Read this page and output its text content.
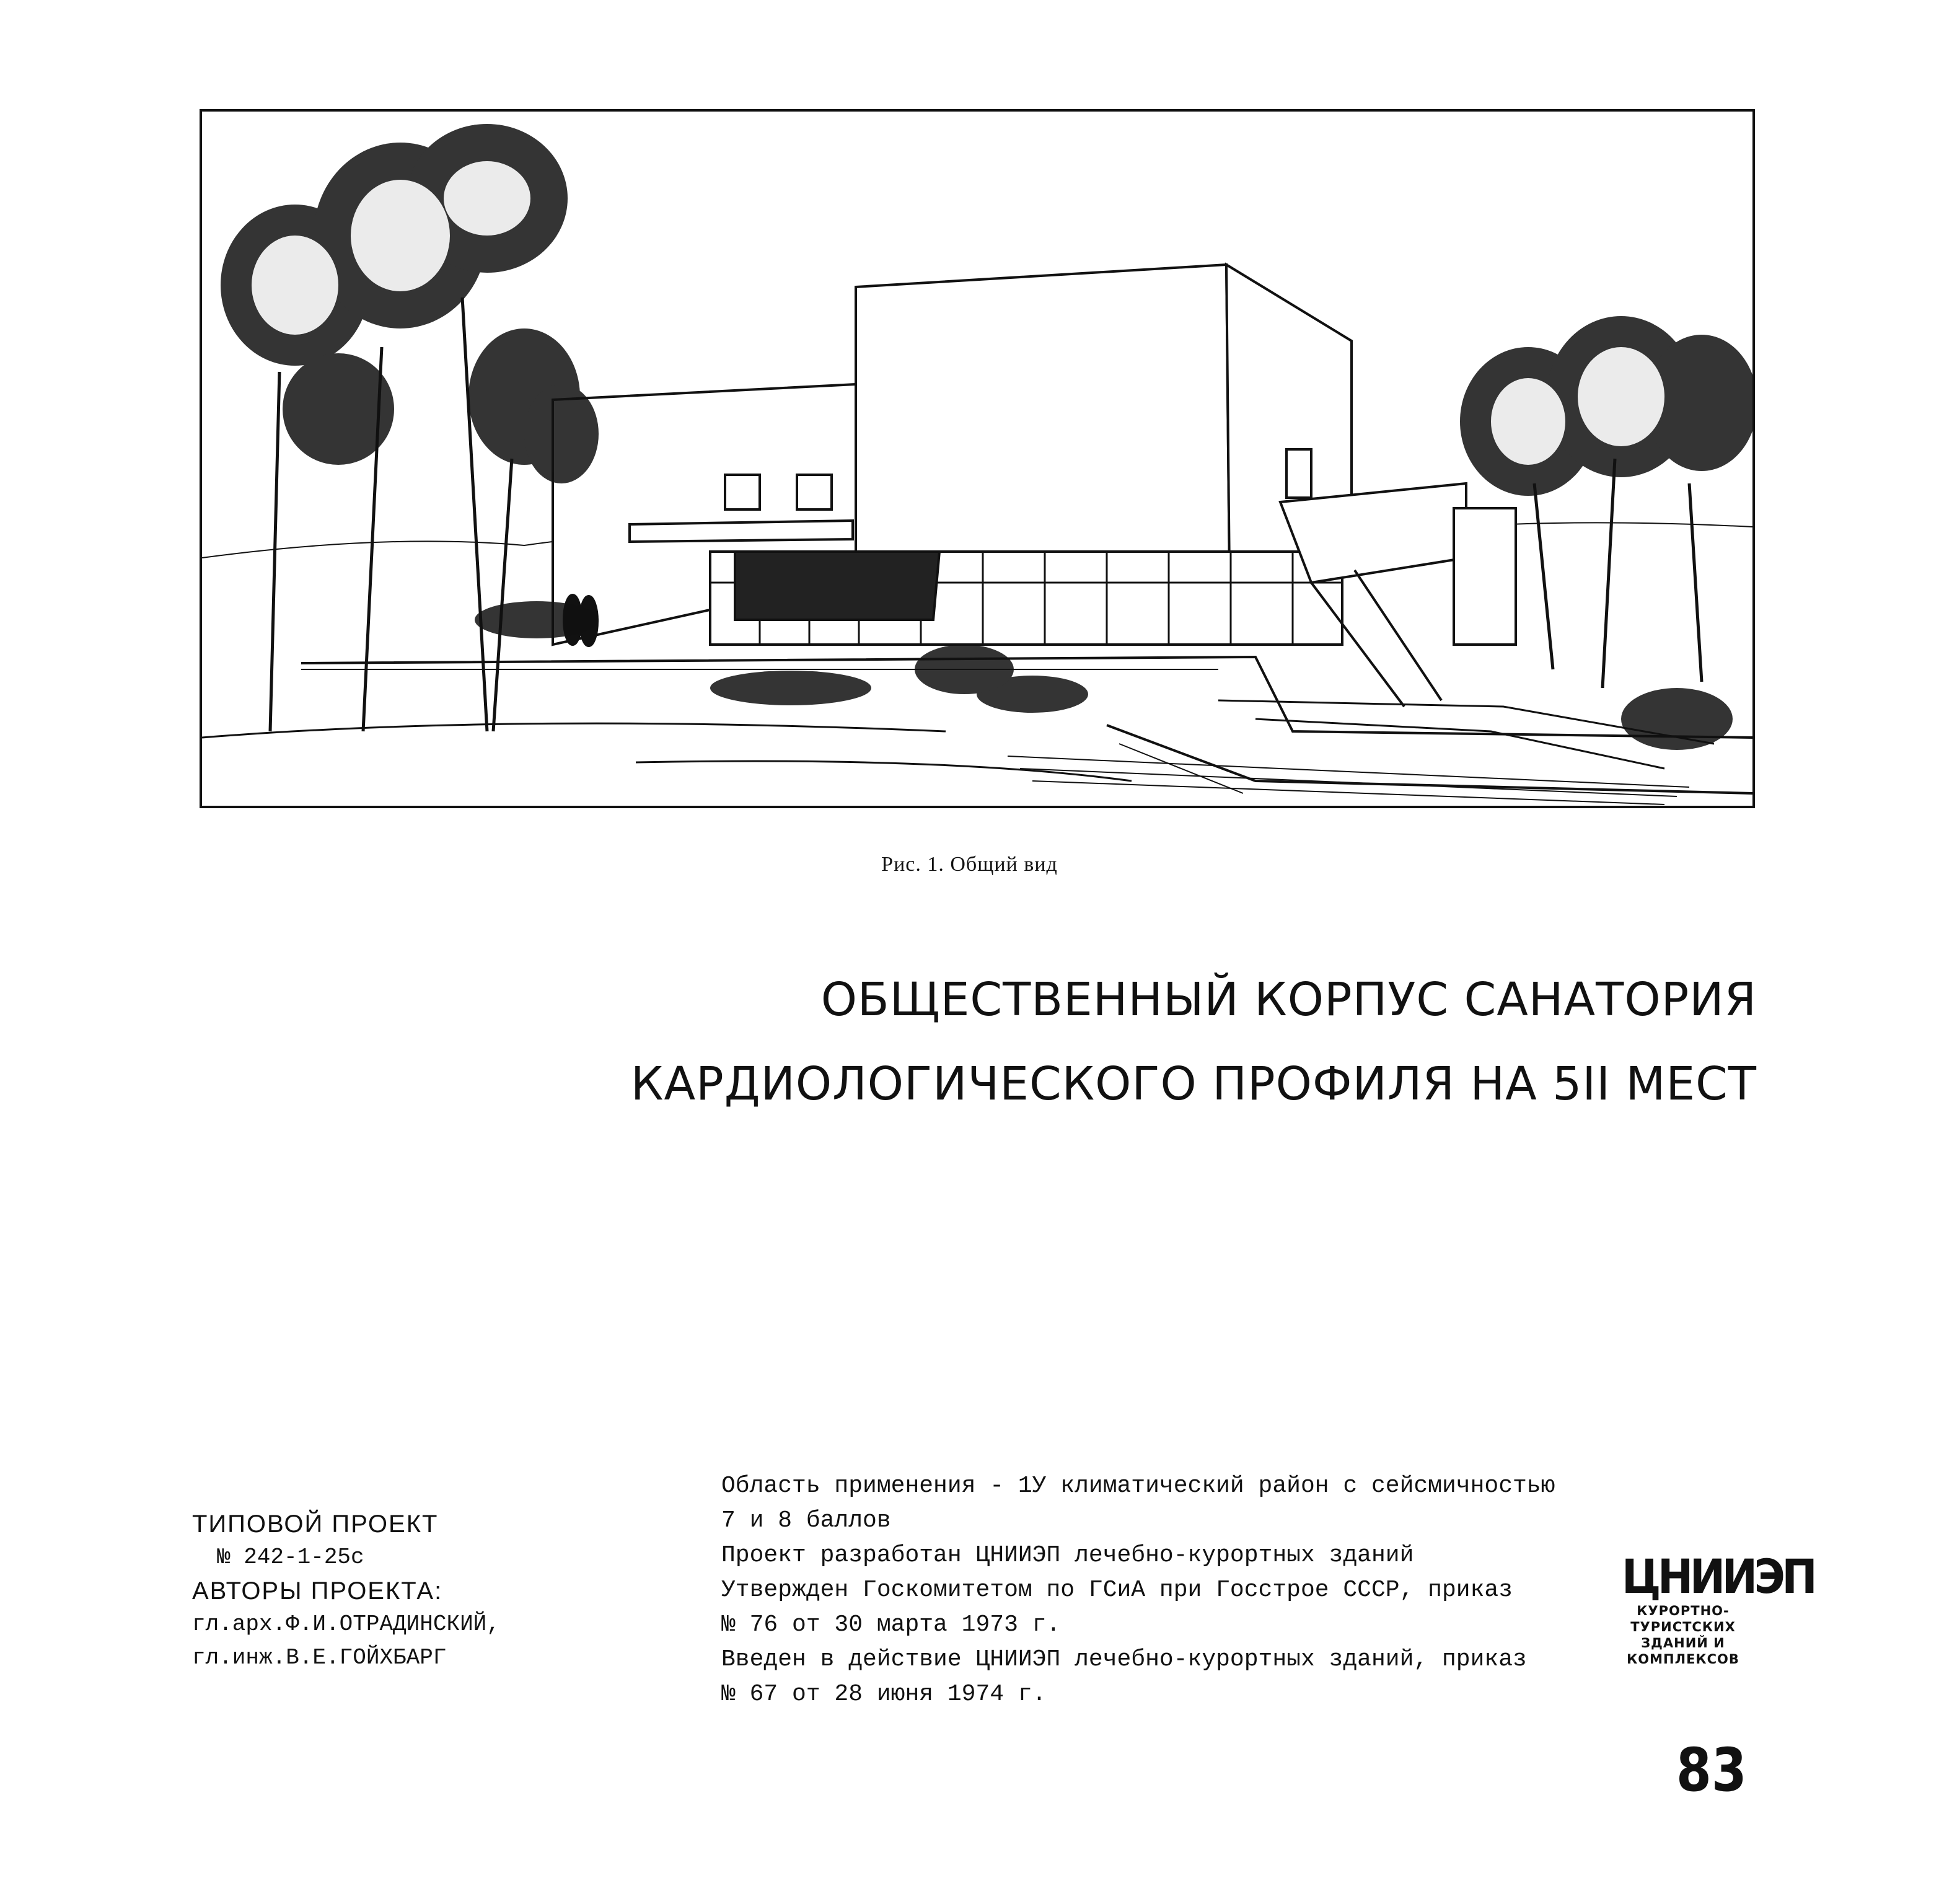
Рис. 1. Общий вид
ОБЩЕСТВЕННЫЙ КОРПУС САНАТОРИЯ
КАРДИОЛОГИЧЕСКОГО ПРОФИЛЯ НА 5II МЕСТ
ТИПОВОЙ ПРОЕКТ
№ 242-1-25с
АВТОРЫ ПРОЕКТА:
гл.арх.Ф.И.ОТРАДИНСКИЙ,
гл.инж.В.Е.ГОЙХБАРГ
Область применения - 1У климатический район с сейсмичностью
7 и 8 баллов
Проект разработан ЦНИИЭП лечебно-курортных зданий
Утвержден Госкомитетом по ГСиА при Госстрое СССР, приказ
№ 76 от 30 марта 1973 г.
Введен в действие ЦНИИЭП лечебно-курортных зданий, приказ
№ 67 от 28 июня 1974 г.
ЦНИИЭП
КУРОРТНО-
ТУРИСТСКИХ
ЗДАНИЙ И
КОМПЛЕКСОВ
83
